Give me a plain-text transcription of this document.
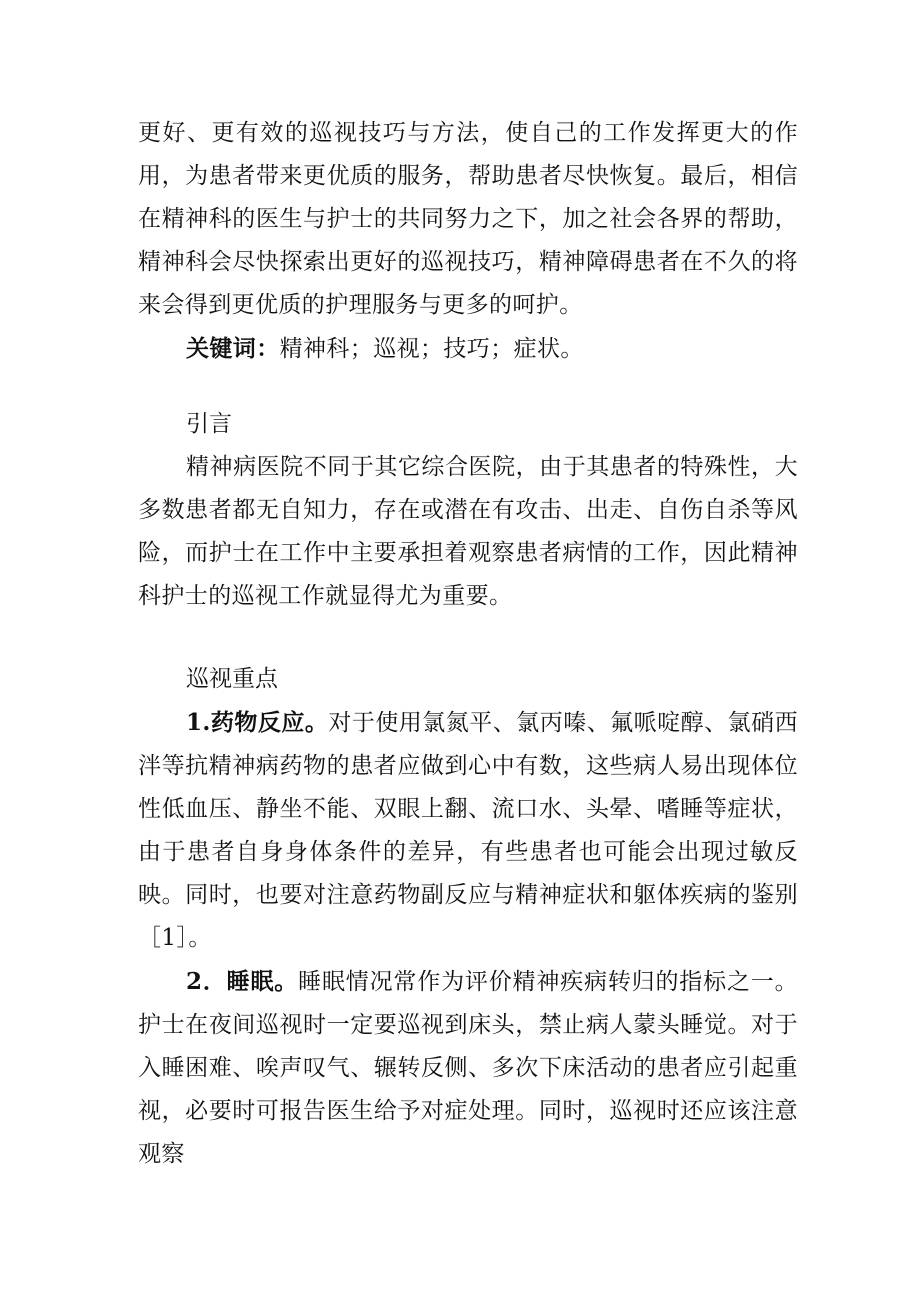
更好、更有效的巡视技巧与方法，使自己的工作发挥更大的作用，为患者带来更优质的服务，帮助患者尽快恢复。最后，相信在精神科的医生与护士的共同努力之下，加之社会各界的帮助，精神科会尽快探索出更好的巡视技巧，精神障碍患者在不久的将来会得到更优质的护理服务与更多的呵护。

关键词：精神科；巡视；技巧；症状。

引言

精神病医院不同于其它综合医院，由于其患者的特殊性，大多数患者都无自知力，存在或潜在有攻击、出走、自伤自杀等风险，而护士在工作中主要承担着观察患者病情的工作，因此精神科护士的巡视工作就显得尤为重要。

巡视重点

1.药物反应。对于使用氯氮平、氯丙嗪、氟哌啶醇、氯硝西泮等抗精神病药物的患者应做到心中有数，这些病人易出现体位性低血压、静坐不能、双眼上翻、流口水、头晕、嗜睡等症状，由于患者自身身体条件的差异，有些患者也可能会出现过敏反映。同时，也要对注意药物副反应与精神症状和躯体疾病的鉴别［1］。

2．睡眠。睡眠情况常作为评价精神疾病转归的指标之一。护士在夜间巡视时一定要巡视到床头，禁止病人蒙头睡觉。对于入睡困难、唉声叹气、辗转反侧、多次下床活动的患者应引起重视，必要时可报告医生给予对症处理。同时，巡视时还应该注意观察
